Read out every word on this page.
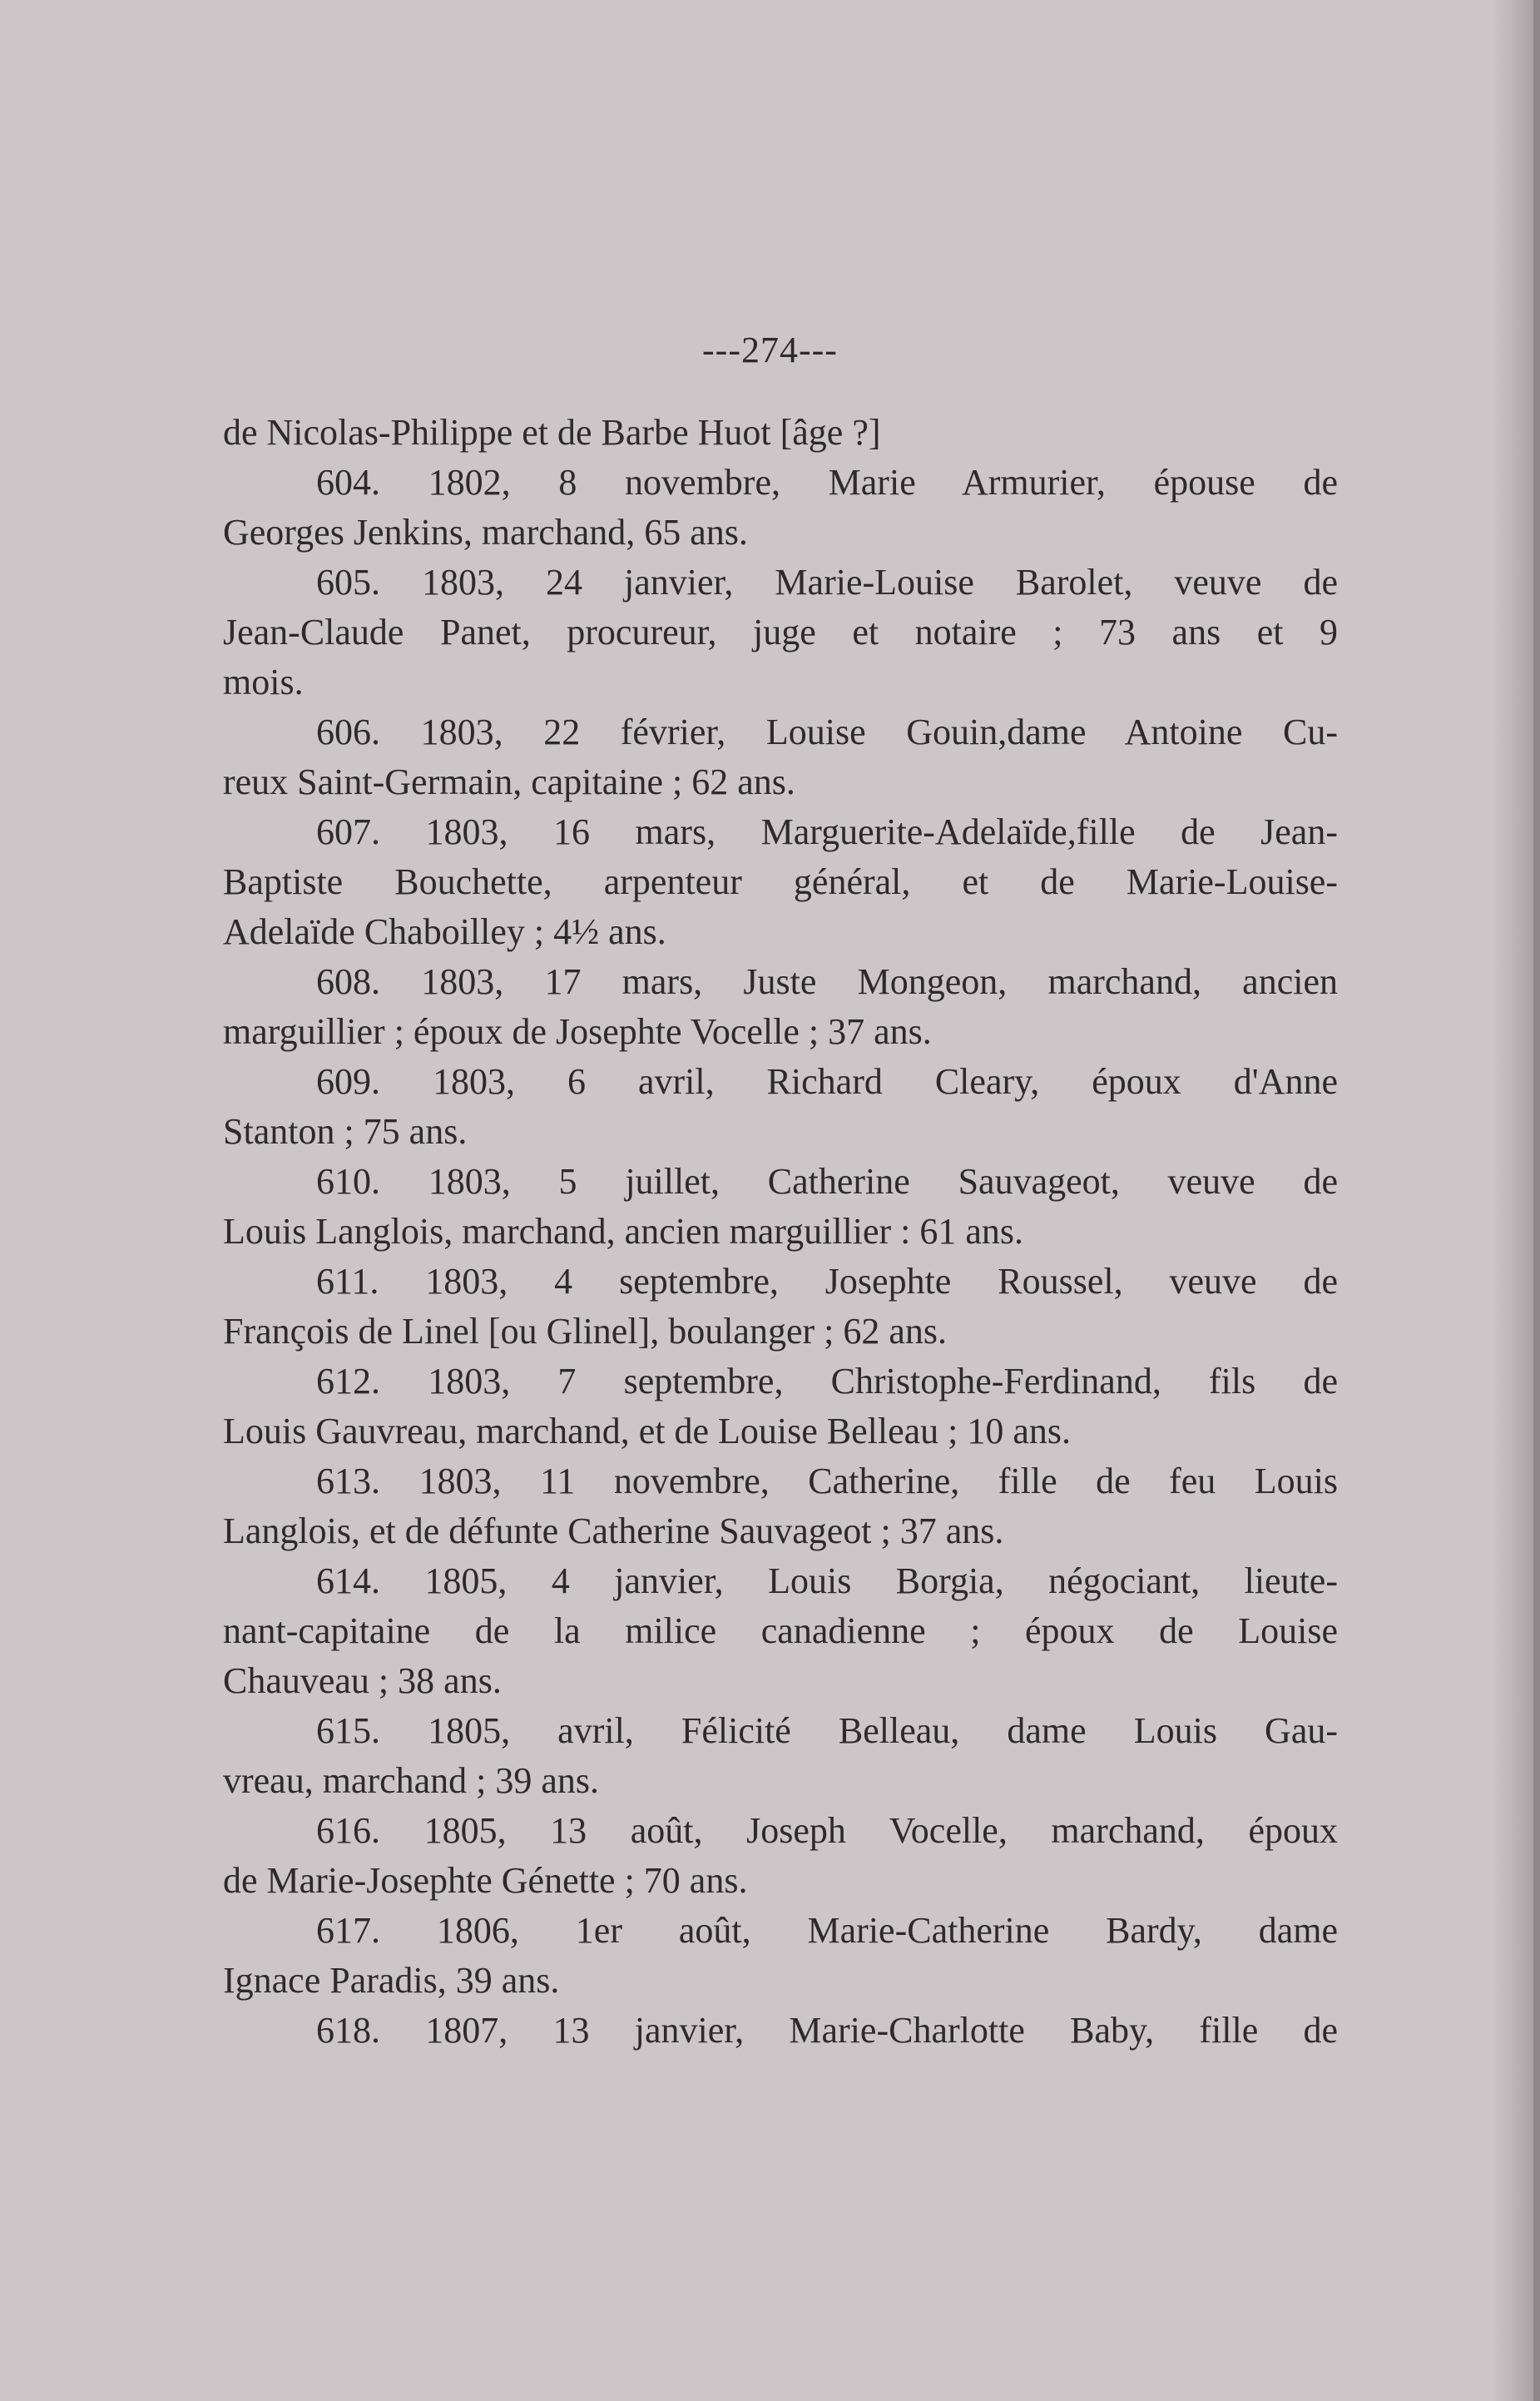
---274---
de Nicolas-Philippe et de Barbe Huot [âge ?]
604. 1802, 8 novembre, Marie Armurier, épouse de
Georges Jenkins, marchand, 65 ans.
605. 1803, 24 janvier, Marie-Louise Barolet, veuve de
Jean-Claude Panet, procureur, juge et notaire ; 73 ans et 9
mois.
606. 1803, 22 février, Louise Gouin,dame Antoine Cu-
reux Saint-Germain, capitaine ; 62 ans.
607. 1803, 16 mars, Marguerite-Adelaïde,fille de Jean-
Baptiste Bouchette, arpenteur général, et de Marie-Louise-
Adelaïde Chaboilley ; 4½ ans.
608. 1803, 17 mars, Juste Mongeon, marchand, ancien
marguillier ; époux de Josephte Vocelle ; 37 ans.
609. 1803, 6 avril, Richard Cleary, époux d'Anne
Stanton ; 75 ans.
610. 1803, 5 juillet, Catherine Sauvageot, veuve de
Louis Langlois, marchand, ancien marguillier : 61 ans.
611. 1803, 4 septembre, Josephte Roussel, veuve de
François de Linel [ou Glinel], boulanger ; 62 ans.
612. 1803, 7 septembre, Christophe-Ferdinand, fils de
Louis Gauvreau, marchand, et de Louise Belleau ; 10 ans.
613. 1803, 11 novembre, Catherine, fille de feu Louis
Langlois, et de défunte Catherine Sauvageot ; 37 ans.
614. 1805, 4 janvier, Louis Borgia, négociant, lieute-
nant-capitaine de la milice canadienne ; époux de Louise
Chauveau ; 38 ans.
615. 1805, avril, Félicité Belleau, dame Louis Gau-
vreau, marchand ; 39 ans.
616. 1805, 13 août, Joseph Vocelle, marchand, époux
de Marie-Josephte Génette ; 70 ans.
617. 1806, 1er août, Marie-Catherine Bardy, dame
Ignace Paradis, 39 ans.
618. 1807, 13 janvier, Marie-Charlotte Baby, fille de
